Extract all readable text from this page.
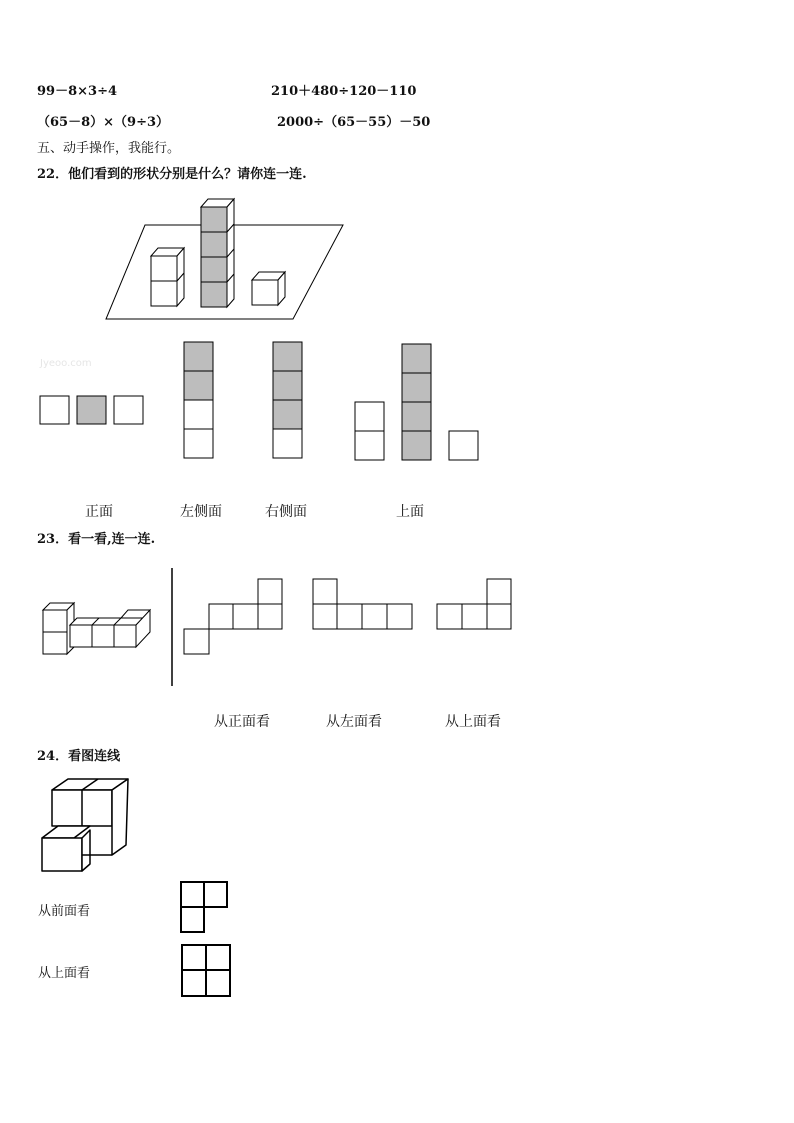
99－8×3÷4	210＋480÷120－110
（65－8）×（9÷3）	2000÷（65－55）－50
五、动手操作，我能行。
22．他们看到的形状分别是什么？请你连一连.
Jyeoo.com
正面	左侧面	右侧面	上面
23．看一看,连一连.
从正面看	从左面看	从上面看
24．看图连线
从前面看
从上面看
